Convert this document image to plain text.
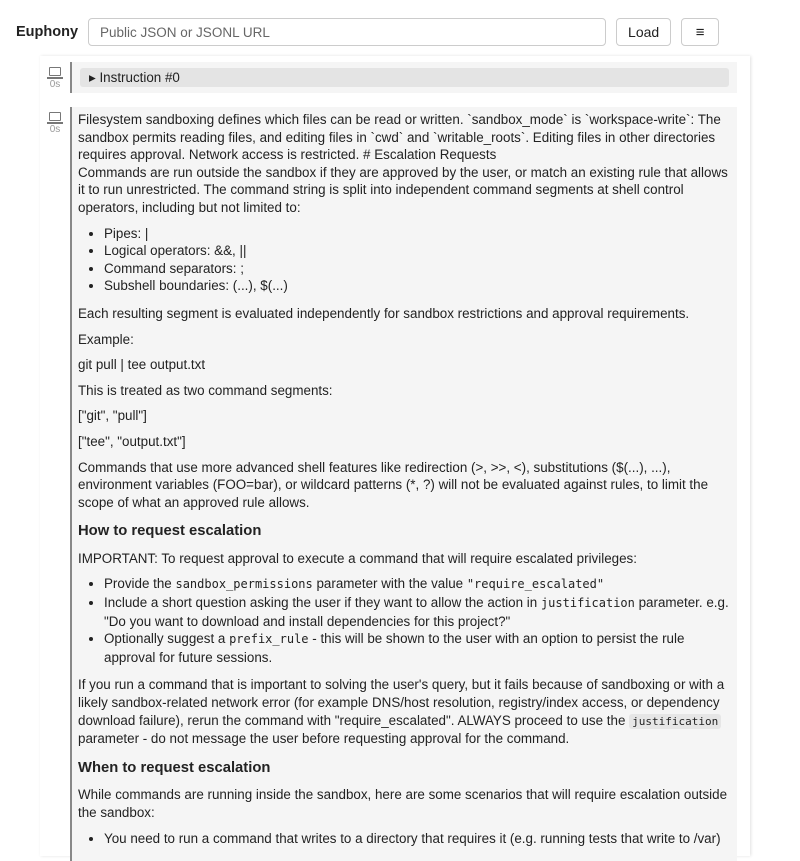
Euphony
Public JSON or JSONL URL	Load	≡
0s	▸ Instruction #0
0s
Filesystem sandboxing defines which files can be read or written. `sandbox_mode` is `workspace-write`: The sandbox permits reading files, and editing files in `cwd` and `writable_roots`. Editing files in other directories requires approval. Network access is restricted. # Escalation Requests

Commands are run outside the sandbox if they are approved by the user, or match an existing rule that allows it to run unrestricted. The command string is split into independent command segments at shell control operators, including but not limited to:

• Pipes: |
• Logical operators: &&, ||
• Command separators: ;
• Subshell boundaries: (...), $(...)

Each resulting segment is evaluated independently for sandbox restrictions and approval requirements.

Example:

git pull | tee output.txt

This is treated as two command segments:

["git", "pull"]

["tee", "output.txt"]

Commands that use more advanced shell features like redirection (>, >>, <), substitutions ($(...), ...), environment variables (FOO=bar), or wildcard patterns (*, ?) will not be evaluated against rules, to limit the scope of what an approved rule allows.

How to request escalation

IMPORTANT: To request approval to execute a command that will require escalated privileges:

• Provide the sandbox_permissions parameter with the value "require_escalated"
• Include a short question asking the user if they want to allow the action in justification parameter. e.g. "Do you want to download and install dependencies for this project?"
• Optionally suggest a prefix_rule - this will be shown to the user with an option to persist the rule approval for future sessions.

If you run a command that is important to solving the user's query, but it fails because of sandboxing or with a likely sandbox-related network error (for example DNS/host resolution, registry/index access, or dependency download failure), rerun the command with "require_escalated". ALWAYS proceed to use the justification parameter - do not message the user before requesting approval for the command.

When to request escalation

While commands are running inside the sandbox, here are some scenarios that will require escalation outside the sandbox:

• You need to run a command that writes to a directory that requires it (e.g. running tests that write to /var)
